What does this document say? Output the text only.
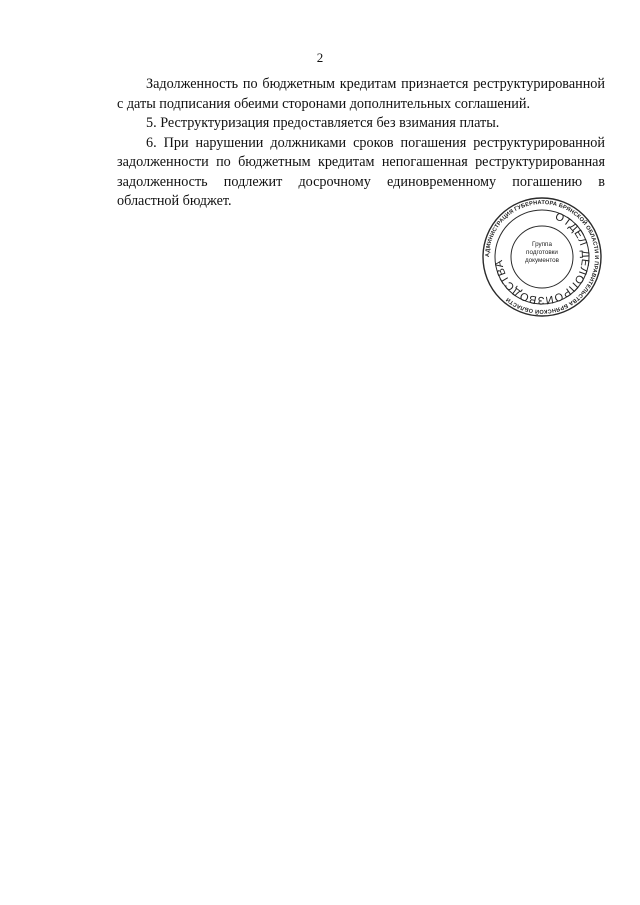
2

Задолженность по бюджетным кредитам признается реструктурированной с даты подписания обеими сторонами дополнительных соглашений.

5. Реструктуризация предоставляется без взимания платы.

6. При нарушении должниками сроков погашения реструктурированной задолженности по бюджетным кредитам непогашенная реструктурированная задолженность подлежит досрочному единовременному погашению в областной бюджет.

АДМИНИСТРАЦИЯ ГУБЕРНАТОРА БРЯНСКОЙ ОБЛАСТИ И ПРАВИТЕЛЬСТВА БРЯНСКОЙ ОБЛАСТИ
ОТДЕЛ ДЕЛОПРОИЗВОДСТВА
Группа
подготовки
документов
